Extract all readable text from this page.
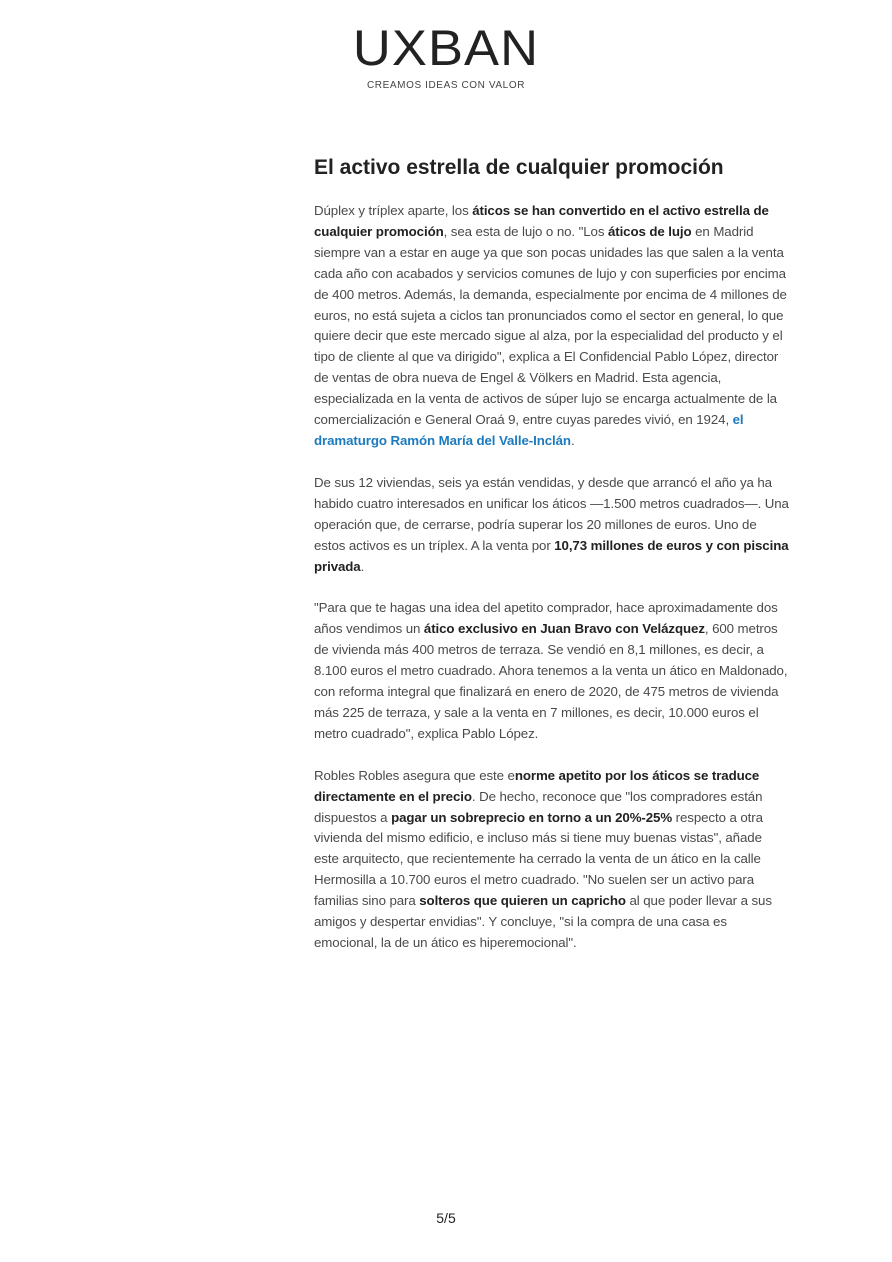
UXBAN
CREAMOS IDEAS CON VALOR
El activo estrella de cualquier promoción

Dúplex y tríplex aparte, los áticos se han convertido en el activo estrella de cualquier promoción, sea esta de lujo o no. "Los áticos de lujo en Madrid siempre van a estar en auge ya que son pocas unidades las que salen a la venta cada año con acabados y servicios comunes de lujo y con superficies por encima de 400 metros. Además, la demanda, especialmente por encima de 4 millones de euros, no está sujeta a ciclos tan pronunciados como el sector en general, lo que quiere decir que este mercado sigue al alza, por la especialidad del producto y el tipo de cliente al que va dirigido", explica a El Confidencial Pablo López, director de ventas de obra nueva de Engel & Völkers en Madrid. Esta agencia, especializada en la venta de activos de súper lujo se encarga actualmente de la comercialización e General Oraá 9, entre cuyas paredes vivió, en 1924, el dramaturgo Ramón María del Valle-Inclán.

De sus 12 viviendas, seis ya están vendidas, y desde que arrancó el año ya ha habido cuatro interesados en unificar los áticos —1.500 metros cuadrados—. Una operación que, de cerrarse, podría superar los 20 millones de euros. Uno de estos activos es un tríplex. A la venta por 10,73 millones de euros y con piscina privada.

"Para que te hagas una idea del apetito comprador, hace aproximadamente dos años vendimos un ático exclusivo en Juan Bravo con Velázquez, 600 metros de vivienda más 400 metros de terraza. Se vendió en 8,1 millones, es decir, a 8.100 euros el metro cuadrado. Ahora tenemos a la venta un ático en Maldonado, con reforma integral que finalizará en enero de 2020, de 475 metros de vivienda más 225 de terraza, y sale a la venta en 7 millones, es decir, 10.000 euros el metro cuadrado", explica Pablo López.

Robles Robles asegura que este enorme apetito por los áticos se traduce directamente en el precio. De hecho, reconoce que "los compradores están dispuestos a pagar un sobreprecio en torno a un 20%-25% respecto a otra vivienda del mismo edificio, e incluso más si tiene muy buenas vistas", añade este arquitecto, que recientemente ha cerrado la venta de un ático en la calle Hermosilla a 10.700 euros el metro cuadrado. "No suelen ser un activo para familias sino para solteros que quieren un capricho al que poder llevar a sus amigos y despertar envidias". Y concluye, "si la compra de una casa es emocional, la de un ático es hiperemocional".

5/5
